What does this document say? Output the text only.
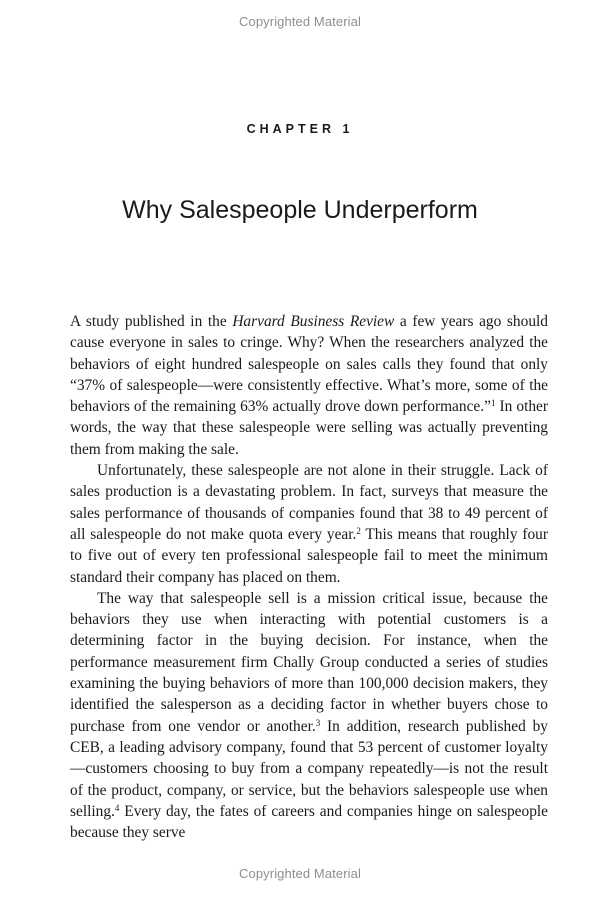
Copyrighted Material
CHAPTER 1
Why Salespeople Underperform

A study published in the Harvard Business Review a few years ago should cause everyone in sales to cringe. Why? When the researchers analyzed the behaviors of eight hundred salespeople on sales calls they found that only “37% of salespeople—were consistently effective. What’s more, some of the behaviors of the remaining 63% actually drove down performance.”$^1$ In other words, the way that these salespeople were selling was actually preventing them from making the sale.

Unfortunately, these salespeople are not alone in their struggle. Lack of sales production is a devastating problem. In fact, surveys that measure the sales performance of thousands of companies found that 38 to 49 percent of all salespeople do not make quota every year.$^2$ This means that roughly four to five out of every ten professional salespeople fail to meet the minimum standard their company has placed on them.

The way that salespeople sell is a mission critical issue, because the behaviors they use when interacting with potential customers is a determining factor in the buying decision. For instance, when the performance measurement firm Chally Group conducted a series of studies examining the buying behaviors of more than 100,000 decision makers, they identified the salesperson as a deciding factor in whether buyers chose to purchase from one vendor or another.$^3$ In addition, research published by CEB, a leading advisory company, found that 53 percent of customer loyalty—customers choosing to buy from a company repeatedly—is not the result of the product, company, or service, but the behaviors salespeople use when selling.$^4$ Every day, the fates of careers and companies hinge on salespeople because they serve

Copyrighted Material
